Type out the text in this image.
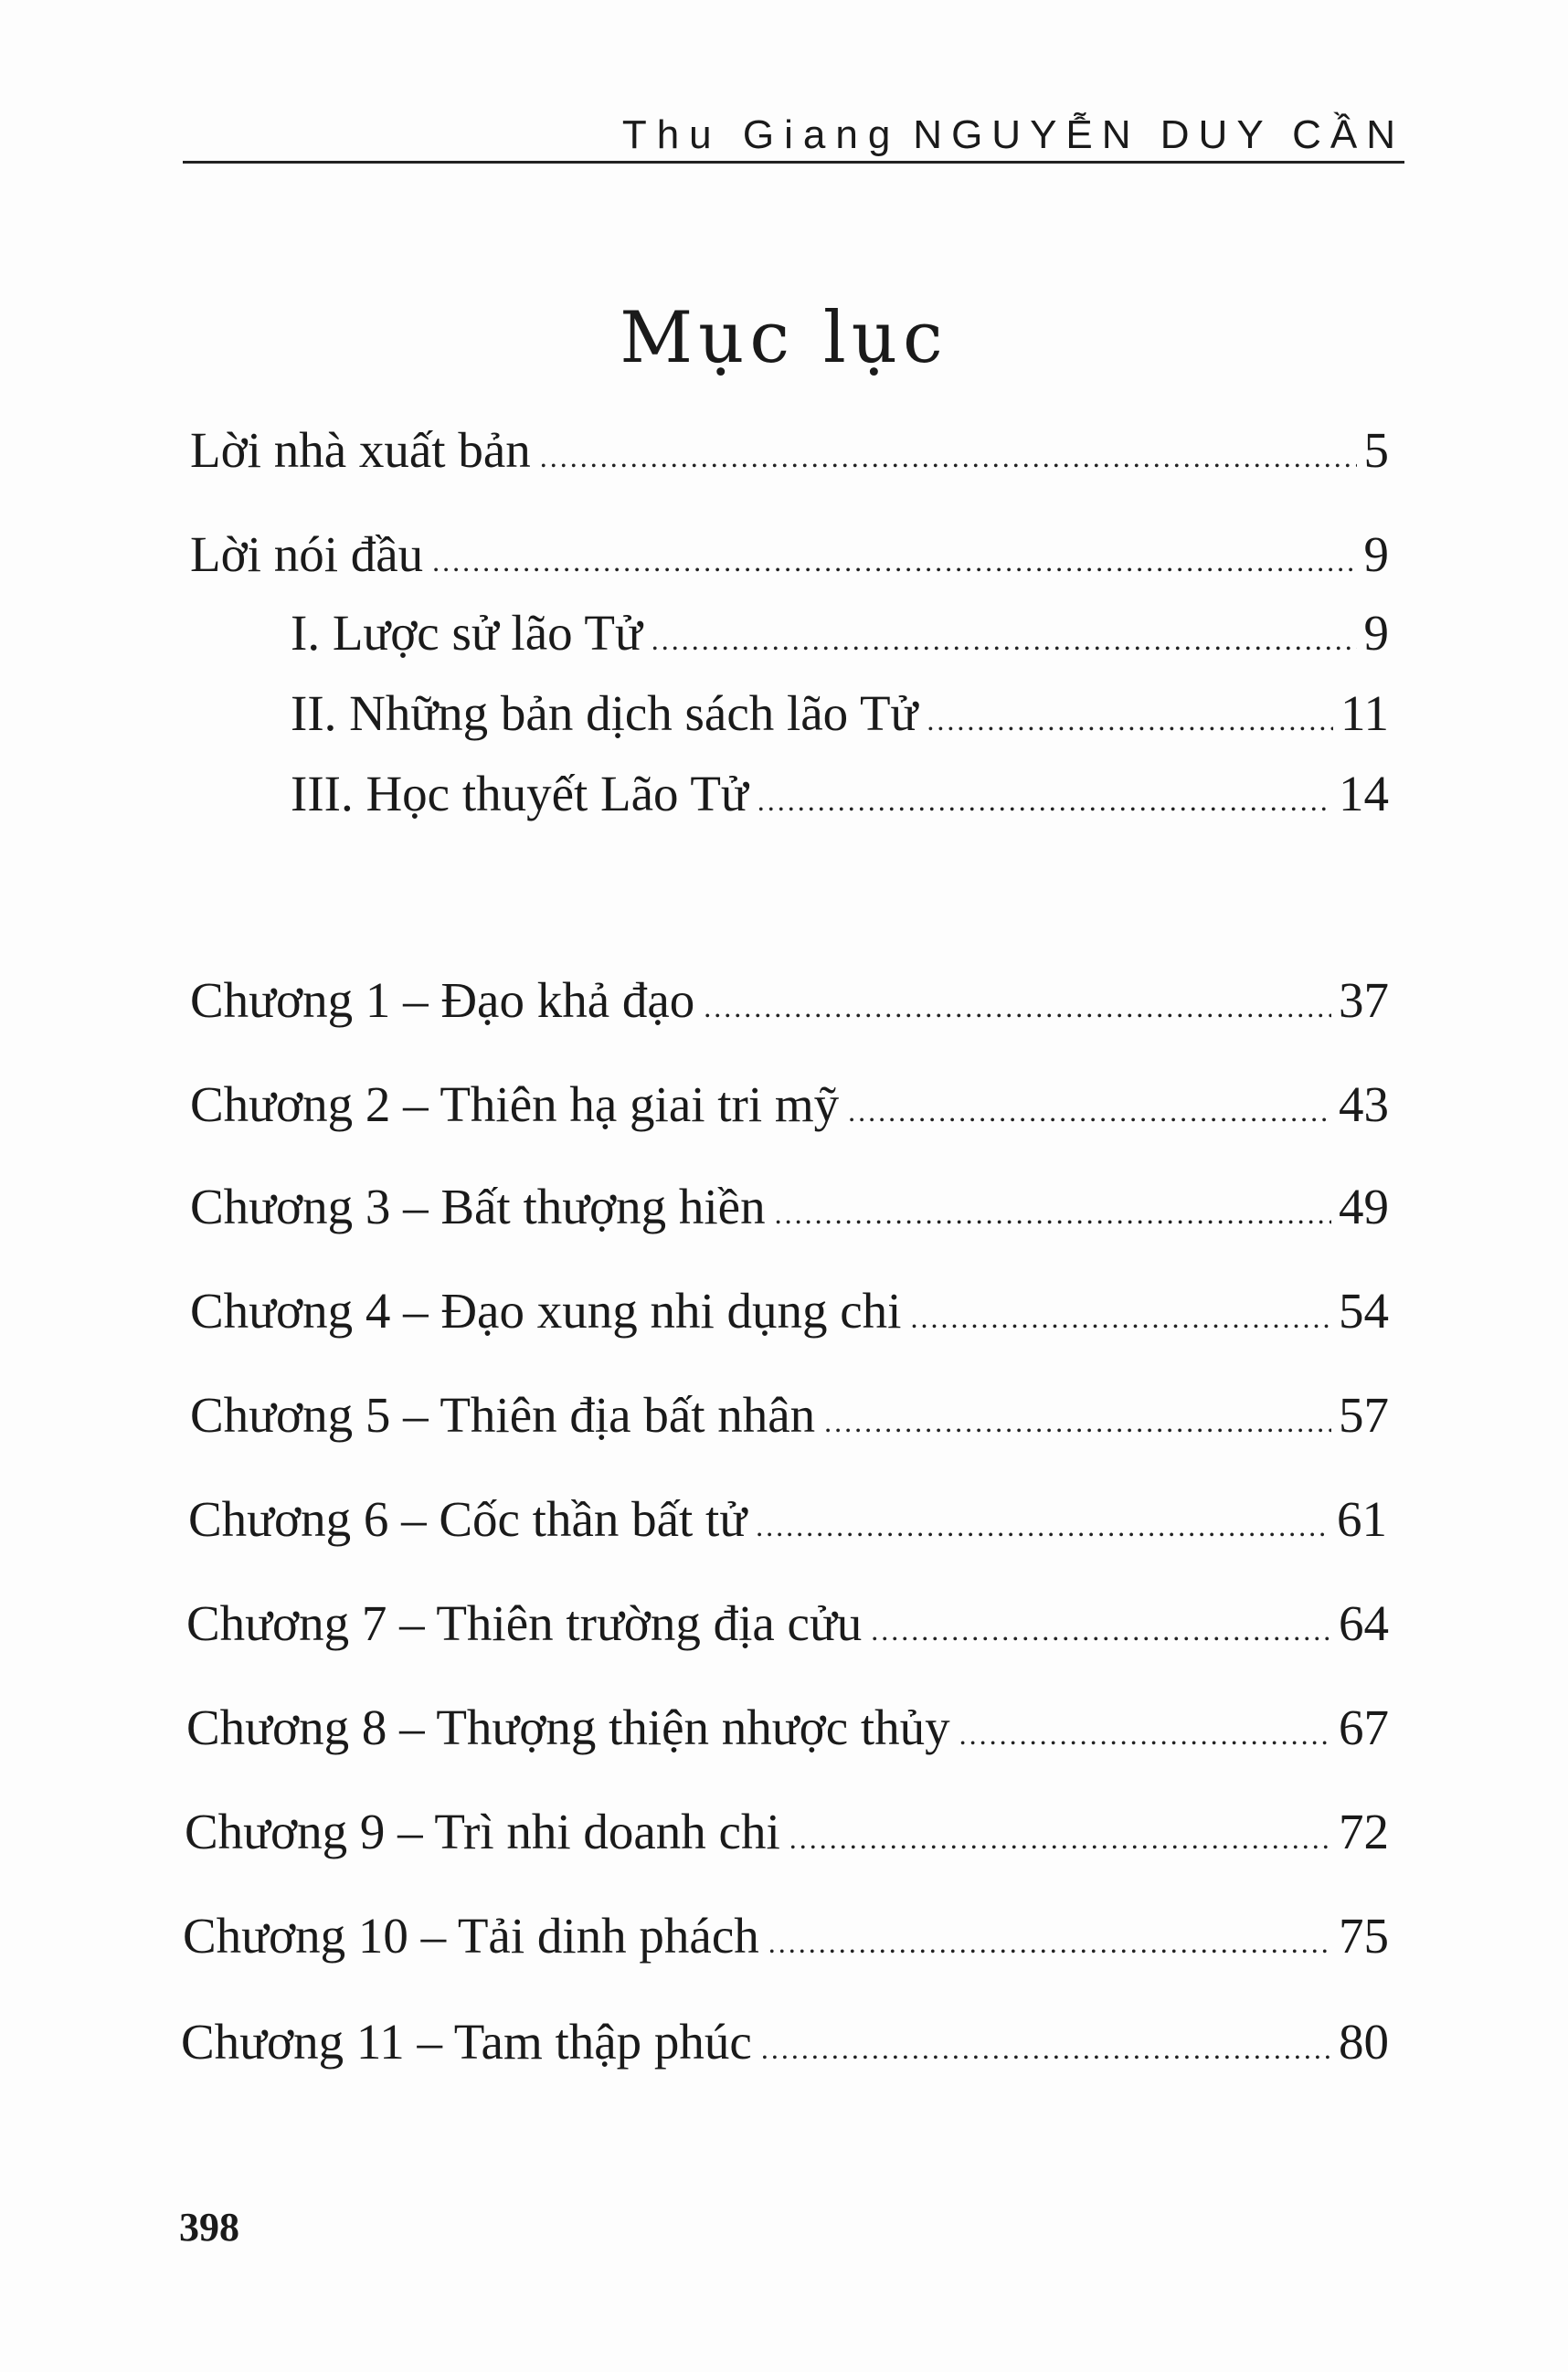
Thu Giang NGUYỄN DUY CẦN
Mục lục
Lời nhà xuất bản .....	5
Lời nói đầu .....	9
I. Lược sử lão Tử .....	9
II. Những bản dịch sách lão Tử .....	11
III. Học thuyết Lão Tử .....	14
Chương 1 – Đạo khả đạo .....	37
Chương 2 – Thiên hạ giai tri mỹ .....	43
Chương 3 – Bất thượng hiền .....	49
Chương 4 – Đạo xung nhi dụng chi .....	54
Chương 5 – Thiên địa bất nhân .....	57
Chương 6 – Cốc thần bất tử .....	61
Chương 7 – Thiên trường địa cửu .....	64
Chương 8 – Thượng thiện nhược thủy .....	67
Chương 9 – Trì nhi doanh chi .....	72
Chương 10 – Tải dinh phách .....	75
Chương 11 – Tam thập phúc .....	80
398
